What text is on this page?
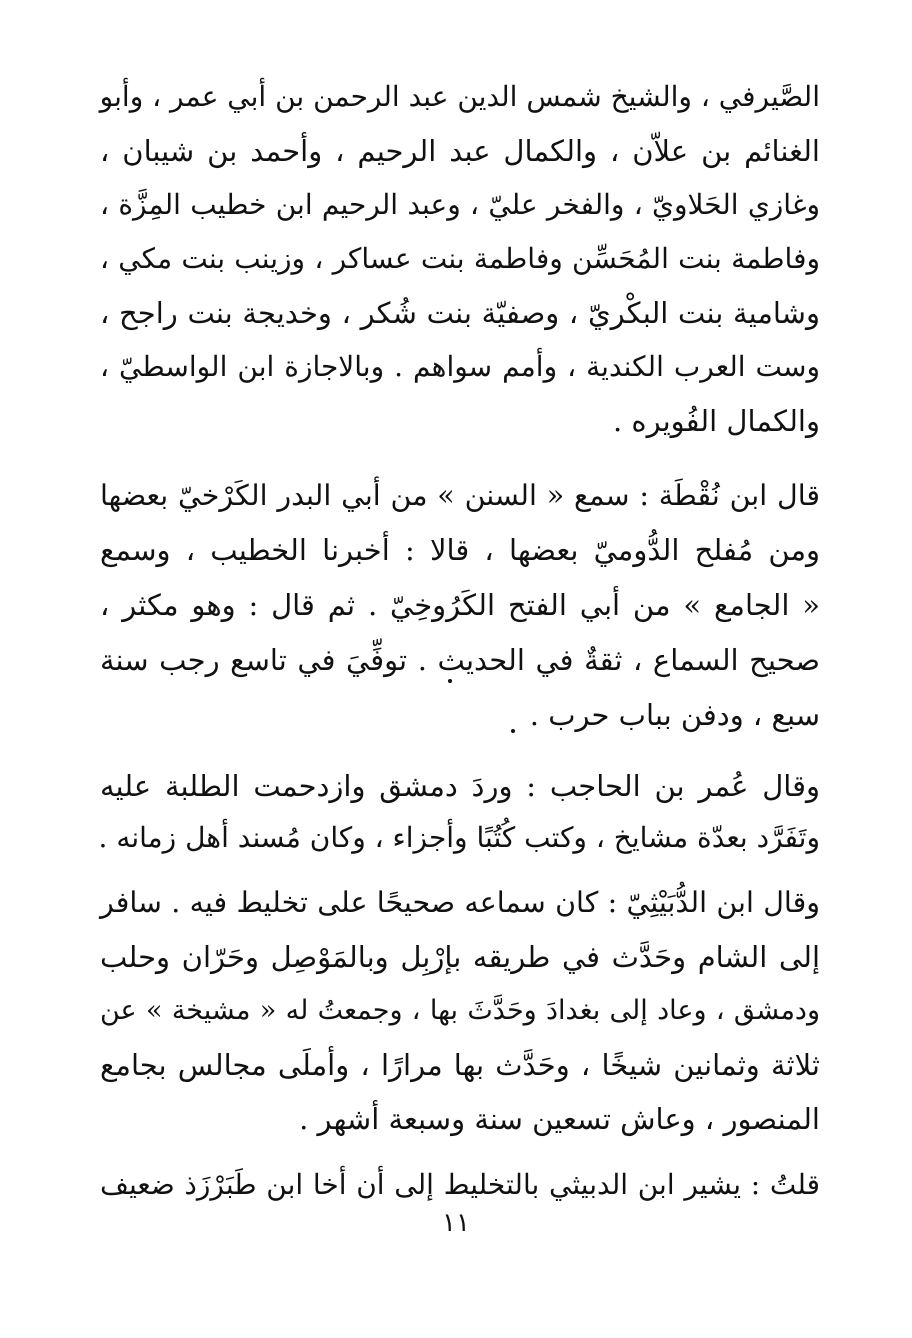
الصَّيرفي ، والشيخ شمس الدين عبد الرحمن بن أبي عمر ، وأبو
الغنائم بن علاّن ، والكمال عبد الرحيم ، وأحمد بن شيبان ،
وغازي الحَلاويّ ، والفخر عليّ ، وعبد الرحيم ابن خطيب المِزَّة ،
وفاطمة بنت المُحَسِّن وفاطمة بنت عساكر ، وزينب بنت مكي ،
وشامية بنت البكْريّ ، وصفيّة بنت شُكر ، وخديجة بنت راجح ،
وست العرب الكندية ، وأمم سواهم . وبالاجازة ابن الواسطيّ ،
والكمال الفُويره .
قال ابن نُقْطَة : سمع « السنن » من أبي البدر الكَرْخيّ بعضها
ومن مُفلح الدُّوميّ بعضها ، قالا : أخبرنا الخطيب ، وسمع
« الجامع » من أبي الفتح الكَرُوخِيّ . ثم قال : وهو مكثر ،
صحيح السماع ، ثقةٌ في الحديث . توفِّيَ في تاسع رجب سنة
سبع ، ودفن بباب حرب .
وقال عُمر بن الحاجب : وردَ دمشق وازدحمت الطلبة عليه
وتَفَرَّد بعدّة مشايخ ، وكتب كُتُبًا وأجزاء ، وكان مُسند أهل زمانه .
وقال ابن الدُّبَيْثِيّ : كان سماعه صحيحًا على تخليط فيه . سافر
إلى الشام وحَدَّث في طريقه بإرْبِل وبالمَوْصِل وحَرّان وحلب
ودمشق ، وعاد إلى بغدادَ وحَدَّثَ بها ، وجمعتُ له « مشيخة » عن
ثلاثة وثمانين شيخًا ، وحَدَّث بها مرارًا ، وأملَى مجالس بجامع
المنصور ، وعاش تسعين سنة وسبعة أشهر .
قلتُ : يشير ابن الدبيثي بالتخليط إلى أن أخا ابن طَبَرْزَذ ضعيف
١١
